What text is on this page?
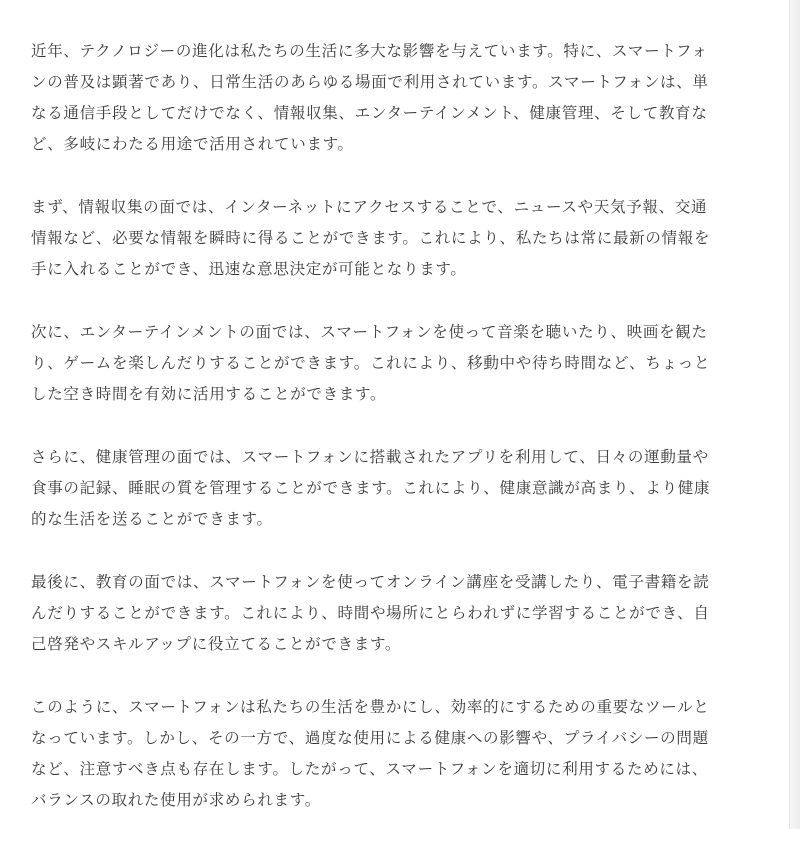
近年、テクノロジーの進化は私たちの生活に多大な影響を与えています。特に、スマートフォ
ンの普及は顕著であり、日常生活のあらゆる場面で利用されています。スマートフォンは、単
なる通信手段としてだけでなく、情報収集、エンターテインメント、健康管理、そして教育な
ど、多岐にわたる用途で活用されています。

まず、情報収集の面では、インターネットにアクセスすることで、ニュースや天気予報、交通
情報など、必要な情報を瞬時に得ることができます。これにより、私たちは常に最新の情報を
手に入れることができ、迅速な意思決定が可能となります。

次に、エンターテインメントの面では、スマートフォンを使って音楽を聴いたり、映画を観た
り、ゲームを楽しんだりすることができます。これにより、移動中や待ち時間など、ちょっと
した空き時間を有効に活用することができます。

さらに、健康管理の面では、スマートフォンに搭載されたアプリを利用して、日々の運動量や
食事の記録、睡眠の質を管理することができます。これにより、健康意識が高まり、より健康
的な生活を送ることができます。

最後に、教育の面では、スマートフォンを使ってオンライン講座を受講したり、電子書籍を読
んだりすることができます。これにより、時間や場所にとらわれずに学習することができ、自
己啓発やスキルアップに役立てることができます。

このように、スマートフォンは私たちの生活を豊かにし、効率的にするための重要なツールと
なっています。しかし、その一方で、過度な使用による健康への影響や、プライバシーの問題
など、注意すべき点も存在します。したがって、スマートフォンを適切に利用するためには、
バランスの取れた使用が求められます。
